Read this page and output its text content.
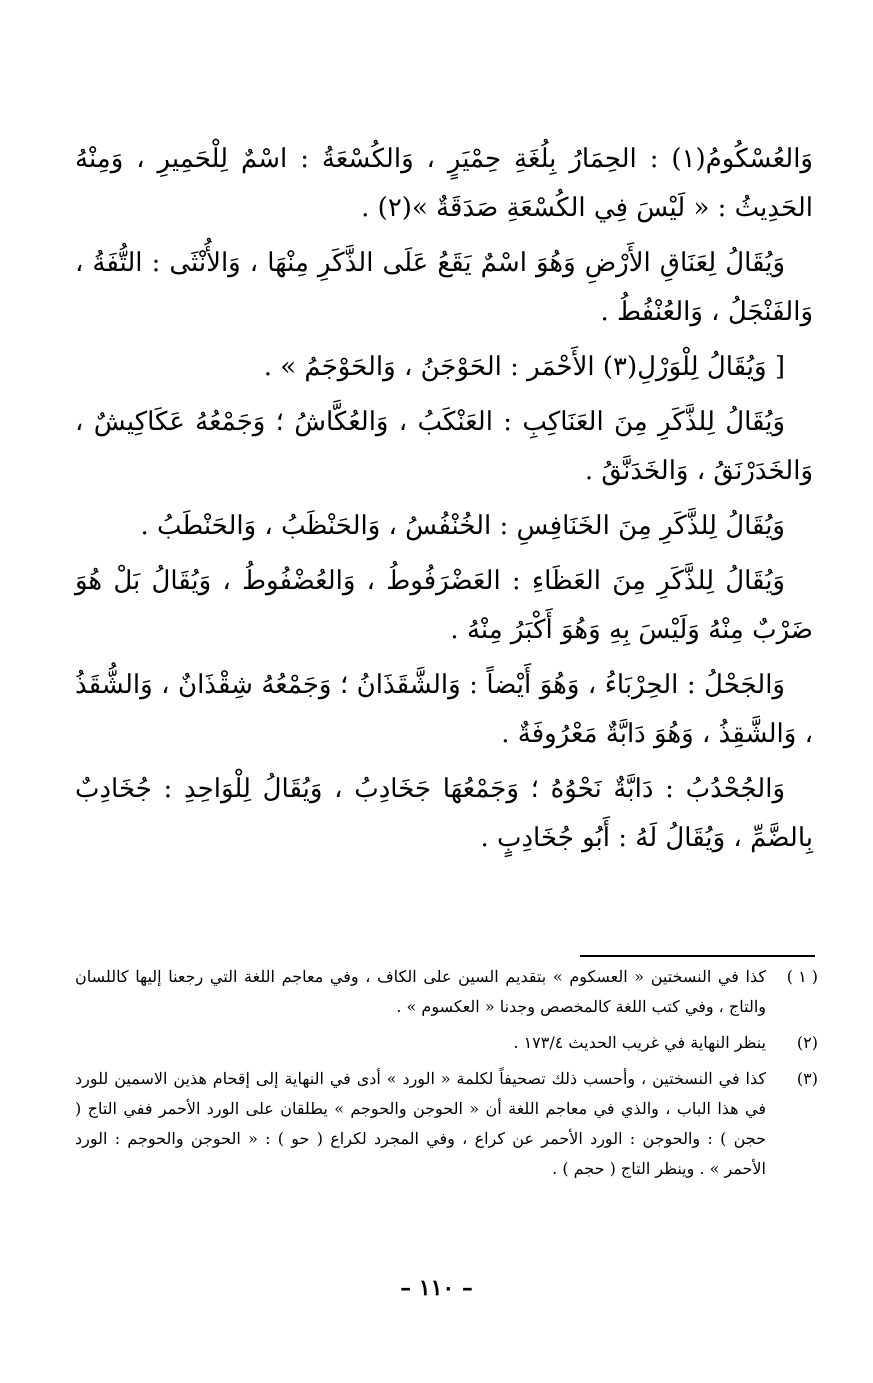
وَالعُسْكُومُ(١) : الحِمَارُ بِلُغَةِ حِمْيَرٍ ، وَالكُسْعَةُ : اسْمٌ لِلْحَمِيرِ ، وَمِنْهُ الحَدِيثُ : « لَيْسَ فِي الكُسْعَةِ صَدَقَةٌ »(٢) .

وَيُقَالُ لِعَنَاقِ الأَرْضِ وَهُوَ اسْمٌ يَقَعُ عَلَى الذَّكَرِ مِنْهَا ، وَالأُنْثَى : التُّفَةُ ، وَالفَنْجَلُ ، وَالعُنْفُطُ .

[ وَيُقَالُ لِلْوَرْلِ(٣) الأَحْمَر : الحَوْجَنُ ، وَالحَوْجَمُ » .

وَيُقَالُ لِلذَّكَرِ مِنَ العَنَاكِبِ : العَنْكَبُ ، وَالعُكَّاشُ ؛ وَجَمْعُهُ عَكَاكِيشٌ ، وَالخَدَرْنَقُ ، وَالخَدَنَّقُ .

وَيُقَالُ لِلذَّكَرِ مِنَ الخَنَافِسِ : الخُنْفُسُ ، وَالحَنْظَبُ ، وَالحَنْطَبُ .

وَيُقَالُ لِلذَّكَرِ مِنَ العَظَاءِ : العَضْرَفُوطُ ، وَالعُضْفُوطُ ، وَيُقَالُ بَلْ هُوَ ضَرْبٌ مِنْهُ وَلَيْسَ بِهِ وَهُوَ أَكْبَرُ مِنْهُ .

وَالجَحْلُ : الحِرْبَاءُ ، وَهُوَ أَيْضاً : وَالشَّقَذَانُ ؛ وَجَمْعُهُ شِقْذَانٌ ، وَالشُّقَذُ ، وَالشَّقِذُ ، وَهُوَ دَابَّةٌ مَعْرُوفَةٌ .

وَالجُحْدُبُ : دَابَّةٌ نَحْوُهُ ؛ وَجَمْعُهَا جَخَادِبُ ، وَيُقَالُ لِلْوَاحِدِ : جُخَادِبٌ بِالضَّمِّ ، وَيُقَالُ لَهُ : أَبُو جُخَادِبٍ .

( ١ )
كذا في النسختين « العسكوم » بتقديم السين على الكاف ، وفي معاجم اللغة التي رجعنا إليها كاللسان والتاج ، وفي كتب اللغة كالمخصص وجدنا « العكسوم » .
(٢)
ينظر النهاية في غريب الحديث ١٧٣/٤ .
(٣)
كذا في النسختين ، وأحسب ذلك تصحيفاً لكلمة « الورد » أدى في النهاية إلى إقحام هذين الاسمين للورد في هذا الباب ، والذي في معاجم اللغة أن « الحوجن والحوجم » يطلقان على الورد الأحمر ففي التاج ( حجن ) : والحوجن : الورد الأحمر عن كراع ، وفي المجرد لكراع ( حو ) : « الحوجن والحوجم : الورد الأحمر » . وينظر التاج ( حجم ) .
– ١١٠ –
